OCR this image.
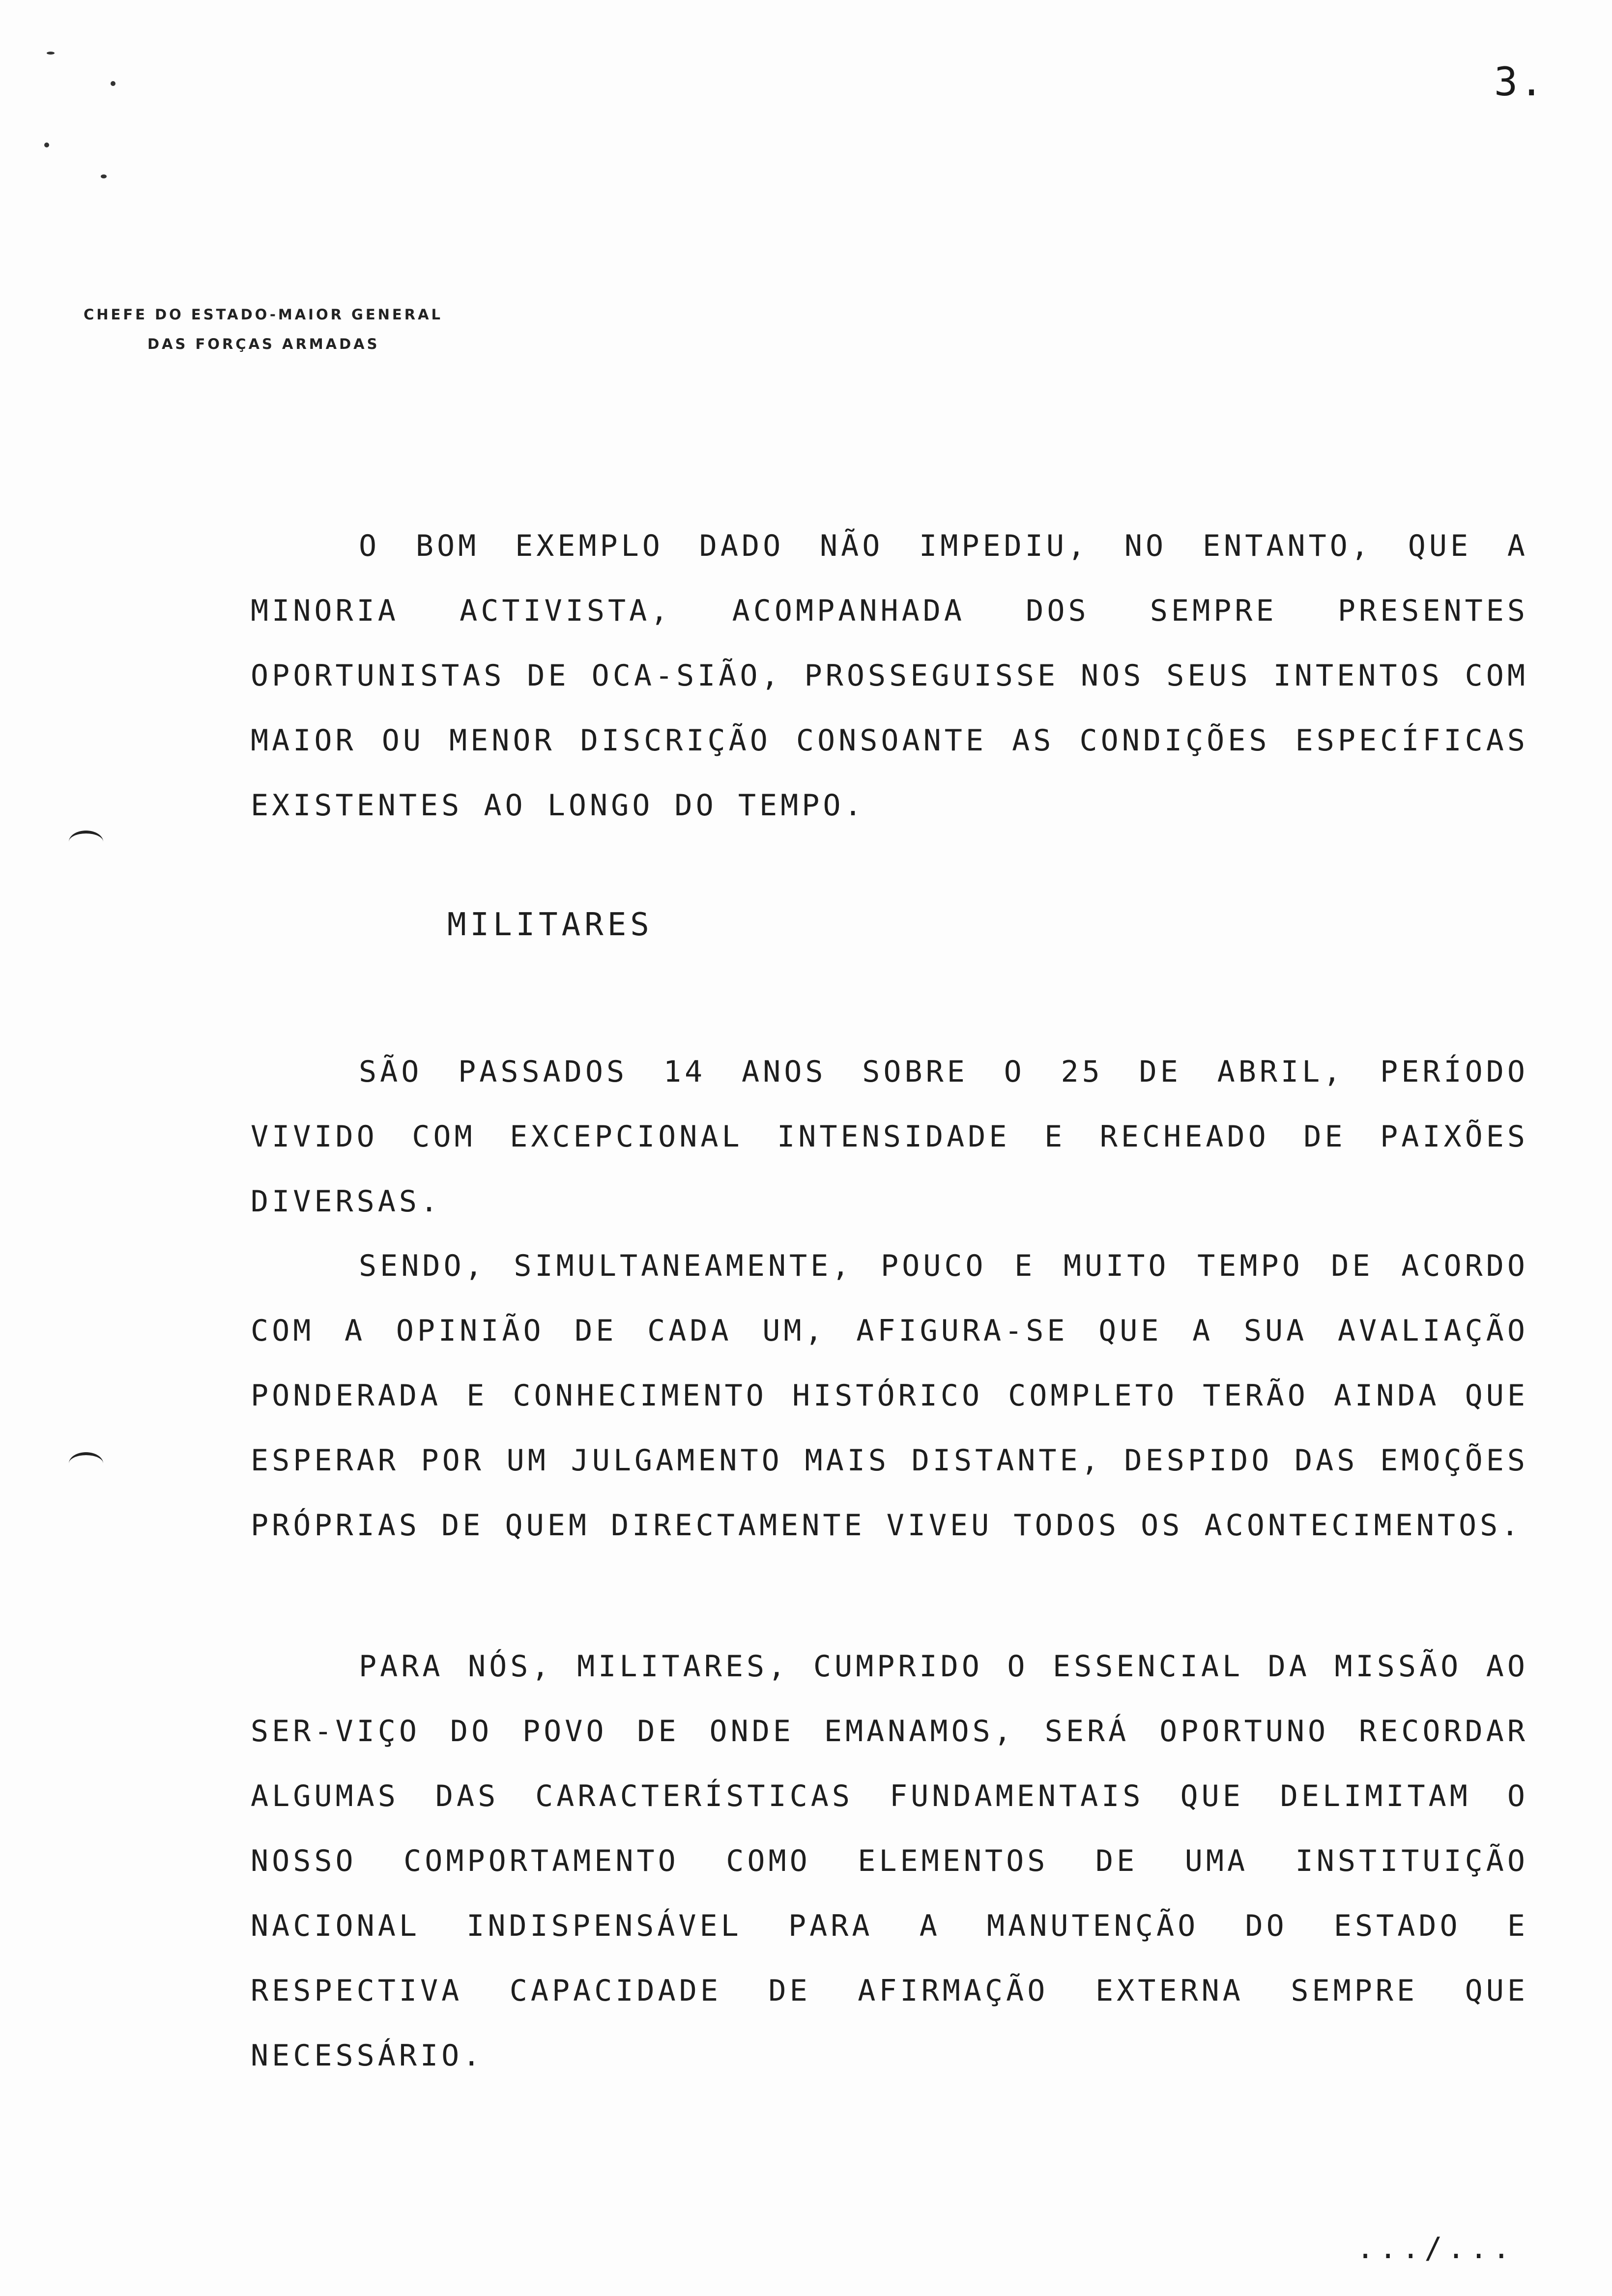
3.
CHEFE DO ESTADO-MAIOR GENERAL
DAS FORÇAS ARMADAS
O BOM EXEMPLO DADO NÃO IMPEDIU, NO ENTANTO, QUE A MINORIA ACTIVISTA, ACOMPANHADA DOS SEMPRE PRESENTES OPORTUNISTAS DE OCA-SIÃO, PROSSEGUISSE NOS SEUS INTENTOS COM MAIOR OU MENOR DISCRIÇÃO CONSOANTE AS CONDIÇÕES ESPECÍFICAS EXISTENTES AO LONGO DO TEMPO.
MILITARES
SÃO PASSADOS 14 ANOS SOBRE O 25 DE ABRIL, PERÍODO VIVIDO COM EXCEPCIONAL INTENSIDADE E RECHEADO DE PAIXÕES DIVERSAS.
SENDO, SIMULTANEAMENTE, POUCO E MUITO TEMPO DE ACORDO COM A OPINIÃO DE CADA UM, AFIGURA-SE QUE A SUA AVALIAÇÃO PONDERADA E CONHECIMENTO HISTÓRICO COMPLETO TERÃO AINDA QUE ESPERAR POR UM JULGAMENTO MAIS DISTANTE, DESPIDO DAS EMOÇÕES PRÓPRIAS DE QUEM DIRECTAMENTE VIVEU TODOS OS ACONTECIMENTOS.
PARA NÓS, MILITARES, CUMPRIDO O ESSENCIAL DA MISSÃO AO SER-VIÇO DO POVO DE ONDE EMANAMOS, SERÁ OPORTUNO RECORDAR ALGUMAS DAS CARACTERÍSTICAS FUNDAMENTAIS QUE DELIMITAM O NOSSO COMPORTAMENTO COMO ELEMENTOS DE UMA INSTITUIÇÃO NACIONAL INDISPENSÁVEL PARA A MANUTENÇÃO DO ESTADO E RESPECTIVA CAPACIDADE DE AFIRMAÇÃO EXTERNA SEMPRE QUE NECESSÁRIO.
.../...
